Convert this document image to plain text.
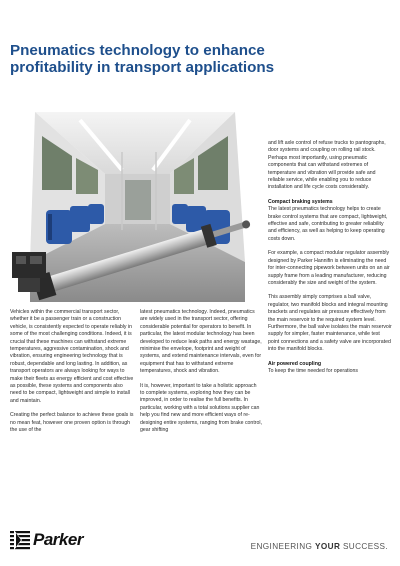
Pneumatics technology to enhance profitability in transport applications

Vehicles within the commercial transport sector, whether it be a passenger train or a construction vehicle, is consistently expected to operate reliably in some of the most challenging conditions. Indeed, it is crucial that these machines can withstand extreme temperatures, aggressive contamination, shock and vibration, ensuring engineering technology that is robust, dependable and long lasting. In addition, as transport operators are always looking for ways to make their fleets as energy efficient and cost effective as possible, these systems and components also need to be compact, lightweight and simple to install and maintain.

Creating the perfect balance to achieve these goals is no mean feat, however one proven option is through the use of the

latest pneumatics technology. Indeed, pneumatics are widely used in the transport sector, offering considerable potential for operators to benefit. In particular, the latest modular technology has been developed to reduce leak paths and energy wastage, minimise the envelope, footprint and weight of systems, and extend maintenance intervals, even for equipment that has to withstand extreme temperatures, shock and vibration.

It is, however, important to take a holistic approach to complete systems, exploring how they can be improved, in order to realise the full benefits. In particular, working with a total solutions supplier can help you find new and more efficient ways of re-designing entire systems, ranging from brake control, gear shifting

and lift axle control of refuse trucks to pantographs, door systems and coupling on rolling rail stock. Perhaps most importantly, using pneumatic components that can withstand extremes of temperature and vibration will provide safe and reliable service, while enabling you to reduce installation and life cycle costs considerably.

Compact braking systems

The latest pneumatics technology helps to create brake control systems that are compact, lightweight, effective and safe, contributing to greater reliability and efficiency, as well as helping to keep operating costs down.

For example, a compact modular regulator assembly designed by Parker Hannifin is eliminating the need for inter-connecting pipework between units on an air supply frame from a leading manufacturer, reducing considerably the size and weight of the system.

This assembly simply comprises a ball valve, regulator, two manifold blocks and integral mounting brackets and regulates air pressure effectively from the main reservoir to the required system level. Furthermore, the ball valve isolates the main reservoir supply for simpler, faster maintenance, while test point connections and a safety valve are incorporated into the manifold blocks.

Air powered coupling

To keep the time needed for operations

Parker	ENGINEERING YOUR SUCCESS.
